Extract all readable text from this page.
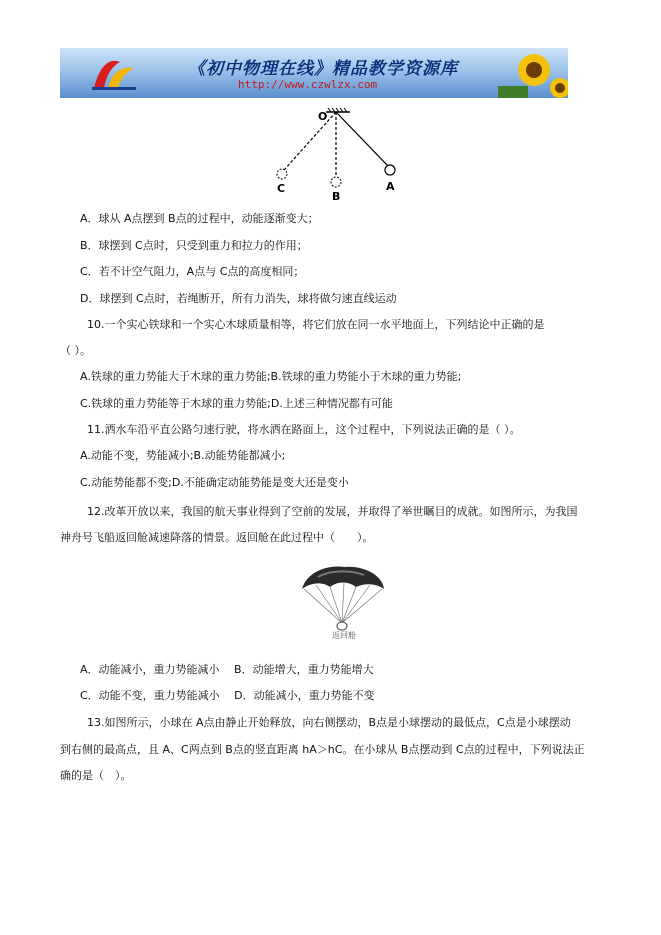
《初中物理在线》精品教学资源库
http://www.czwlzx.com
O
C
B
A
A．球从 A点摆到 B点的过程中，动能逐渐变大；
B．球摆到 C点时，只受到重力和拉力的作用；
C．若不计空气阻力，A点与 C点的高度相同；
D．球摆到 C点时，若绳断开，所有力消失，球将做匀速直线运动
10.一个实心铁球和一个实心木球质量相等，将它们放在同一水平地面上，下列结论中正确的是
（ ）。
A.铁球的重力势能大于木球的重力势能;B.铁球的重力势能小于木球的重力势能;
C.铁球的重力势能等于木球的重力势能;D.上述三种情况都有可能
11.洒水车沿平直公路匀速行驶，将水洒在路面上，这个过程中，下列说法正确的是（ ）。
A.动能不变，势能减小;B.动能势能都减小;
C.动能势能都不变;D.不能确定动能势能是变大还是变小
12.改革开放以来，我国的航天事业得到了空前的发展，并取得了举世瞩目的成就。如图所示，为我国
神舟号飞船返回舱减速降落的情景。返回舱在此过程中（　　）。
返回舱
A．动能减小，重力势能减小　 B．动能增大，重力势能增大
C．动能不变，重力势能减小　 D．动能减小，重力势能不变
13.如图所示，小球在 A点由静止开始释放，向右侧摆动，B点是小球摆动的最低点，C点是小球摆动
到右侧的最高点，且 A、C两点到 B点的竖直距离 hA＞hC。在小球从 B点摆动到 C点的过程中，下列说法正
确的是（　）。
